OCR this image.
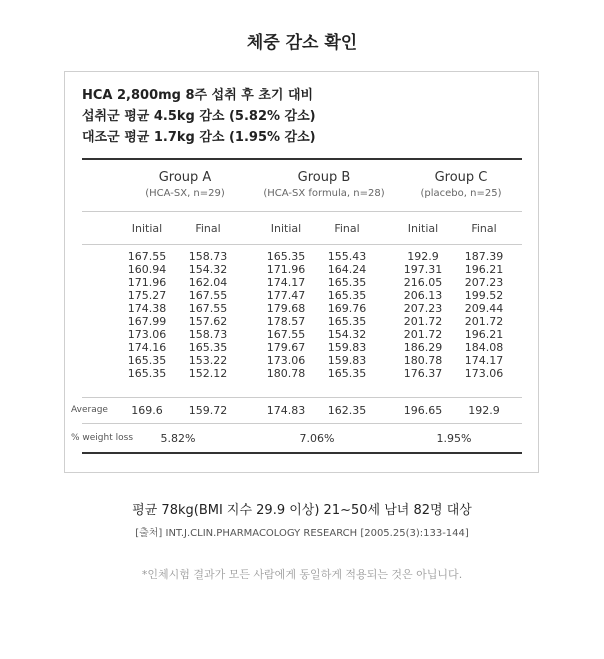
체중 감소 확인
HCA 2,800mg 8주 섭취 후 초기 대비
섭취군 평균 4.5kg 감소 (5.82% 감소)
대조군 평균 1.7kg 감소 (1.95% 감소)
Group A
(HCA-SX, n=29)
Group B
(HCA-SX formula, n=28)
Group C
(placebo, n=25)
Initial	Final	Initial	Final	Initial	Final
167.55	158.73	165.35	155.43	192.9	187.39
160.94	154.32	171.96	164.24	197.31	196.21
171.96	162.04	174.17	165.35	216.05	207.23
175.27	167.55	177.47	165.35	206.13	199.52
174.38	167.55	179.68	169.76	207.23	209.44
167.99	157.62	178.57	165.35	201.72	201.72
173.06	158.73	167.55	154.32	201.72	196.21
174.16	165.35	179.67	159.83	186.29	184.08
165.35	153.22	173.06	159.83	180.78	174.17
165.35	152.12	180.78	165.35	176.37	173.06
Average	169.6	159.72	174.83	162.35	196.65	192.9
% weight loss	5.82%	7.06%	1.95%
평균 78kg(BMI 지수 29.9 이상) 21~50세 남녀 82명 대상
[출처] INT.J.CLIN.PHARMACOLOGY RESEARCH [2005.25(3):133-144]
*인체시험 결과가 모든 사람에게 동일하게 적용되는 것은 아닙니다.
